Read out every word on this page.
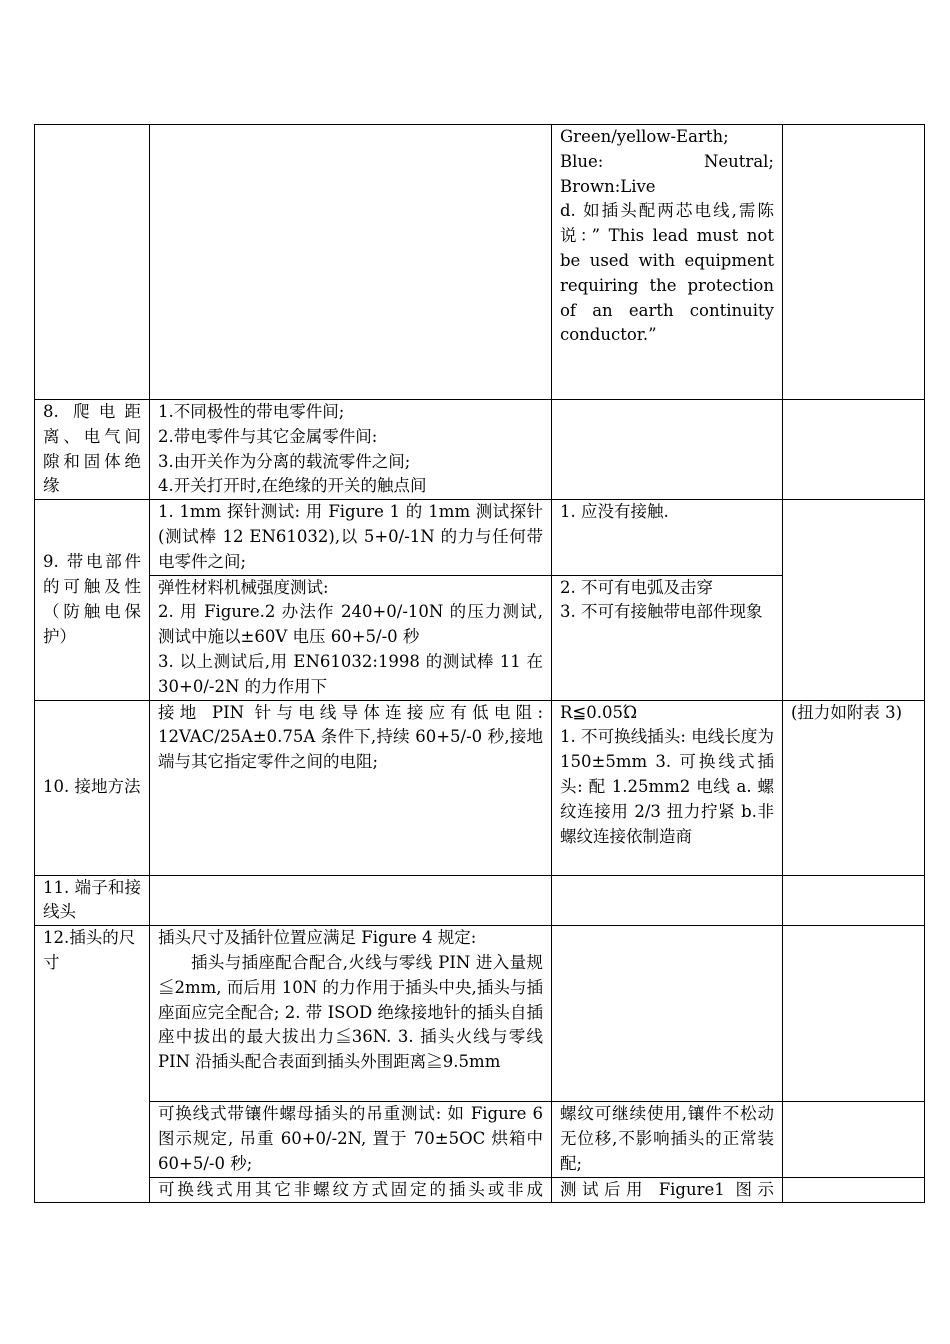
		Green/yellow-Earth;
Blue: Neutral;
Brown:Live
d. 如插头配两芯电线,需陈说：” This lead must not be used with equipment requiring the protection of an earth continuity conductor.”	

8. 爬电距离、电气间隙和固体绝缘	1.不同极性的带电零件间;
2.带电零件与其它金属零件间:
3.由开关作为分离的载流零件之间;
4.开关打开时,在绝缘的开关的触点间		

9. 带电部件的可触及性（防触电保护）	1. 1mm 探针测试: 用 Figure 1 的 1mm 测试探针(测试棒 12 EN61032),以 5+0/-1N 的力与任何带电零件之间;	1. 应没有接触.	

	弹性材料机械强度测试:
2. 用 Figure.2 办法作 240+0/-10N 的压力测试,测试中施以±60V 电压 60+5/-0 秒
3. 以上测试后,用 EN61032:1998 的测试棒 11 在 30+0/-2N 的力作用下	2. 不可有电弧及击穿
3. 不可有接触带电部件现象	

10. 接地方法	接地 PIN 针与电线导体连接应有低电阻: 12VAC/25A±0.75A 条件下,持续 60+5/-0 秒,接地端与其它指定零件之间的电阻;	R≦0.05Ώ
1. 不可换线插头: 电线长度为 150±5mm 3. 可换线式插头: 配 1.25mm2 电线 a. 螺纹连接用 2/3 扭力拧紧 b.非螺纹连接依制造商	(扭力如附表 3)
11. 端子和接线头			
12.插头的尺寸	插头尺寸及插针位置应满足 Figure 4 规定:
插头与插座配合配合,火线与零线 PIN 进入量规≦2mm, 而后用 10N 的力作用于插头中央,插头与插座面应完全配合; 2. 带 ISOD 绝缘接地针的插头自插座中拔出的最大拔出力≦36N. 3. 插头火线与零线 PIN 沿插头配合表面到插头外围距离≧9.5mm		

	可换线式带镶件螺母插头的吊重测试: 如 Figure 6 图示规定, 吊重 60+0/-2N, 置于 70±5OC 烘箱中 60+5/-0 秒;	螺纹可继续使用,镶件不松动无位移,不影响插头的正常装配;	
	可换线式用其它非螺纹方式固定的插头或非成	测试后用 Figure1 图示	
